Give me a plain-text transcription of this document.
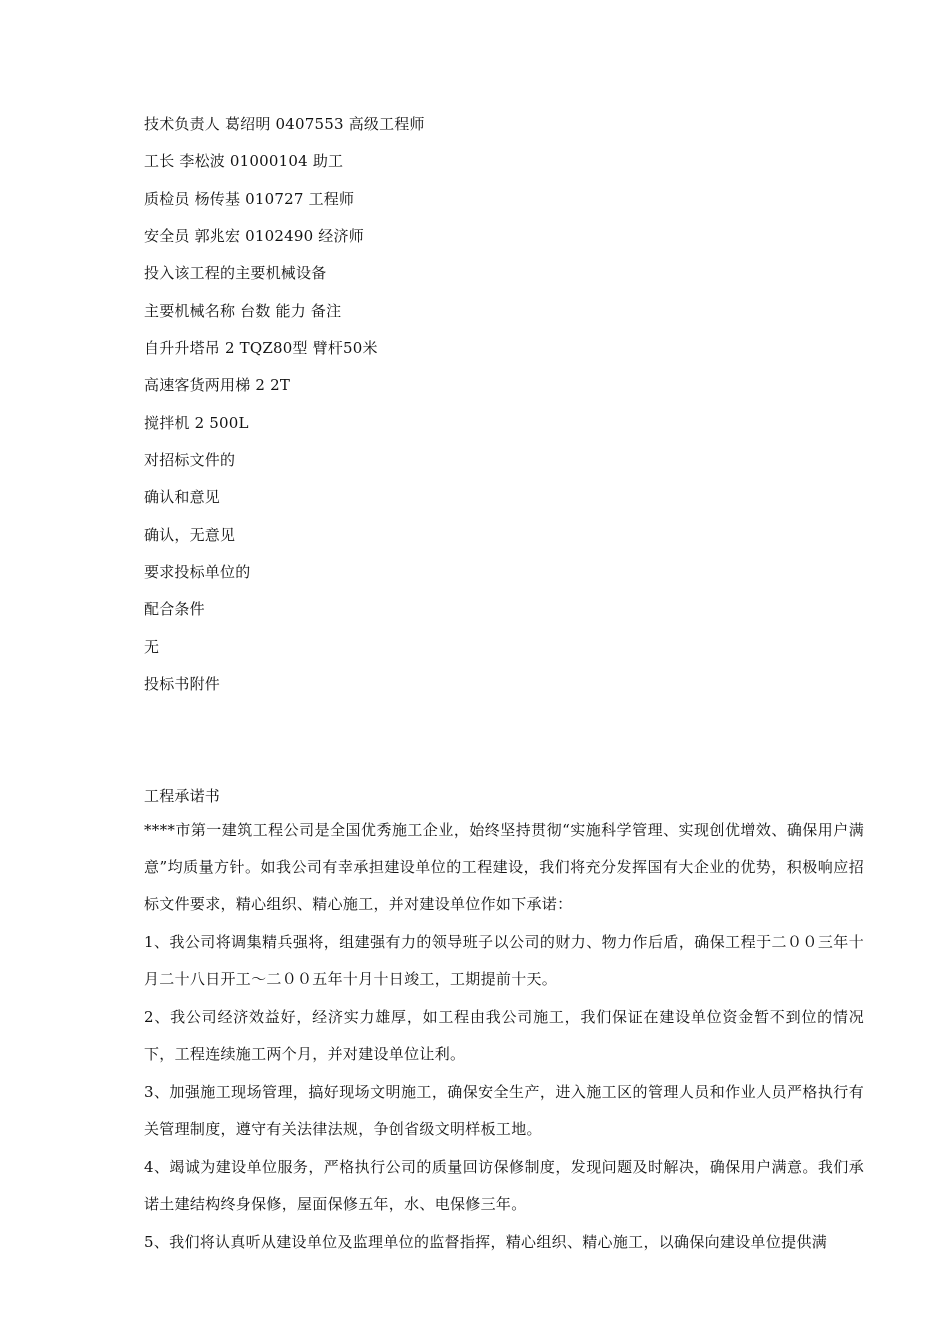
技术负责人 葛绍明 0407553 高级工程师
工长 李松波 01000104 助工
质检员 杨传基 010727 工程师
安全员 郭兆宏 0102490 经济师
投入该工程的主要机械设备
主要机械名称 台数 能力 备注
自升升塔吊 2 TQZ80型 臂杆50米
高速客货两用梯 2 2T
搅拌机 2 500L
对招标文件的
确认和意见
确认，无意见
要求投标单位的
配合条件
无
投标书附件
工程承诺书
****市第一建筑工程公司是全国优秀施工企业，始终坚持贯彻“实施科学管理、实现创优增效、确保用户满意”均质量方针。如我公司有幸承担建设单位的工程建设，我们将充分发挥国有大企业的优势，积极响应招标文件要求，精心组织、精心施工，并对建设单位作如下承诺：
1、我公司将调集精兵强将，组建强有力的领导班子以公司的财力、物力作后盾，确保工程于二００三年十月二十八日开工～二００五年十月十日竣工，工期提前十天。
2、我公司经济效益好，经济实力雄厚，如工程由我公司施工，我们保证在建设单位资金暂不到位的情况下，工程连续施工两个月，并对建设单位让利。
3、加强施工现场管理，搞好现场文明施工，确保安全生产，进入施工区的管理人员和作业人员严格执行有关管理制度，遵守有关法律法规，争创省级文明样板工地。
4、竭诚为建设单位服务，严格执行公司的质量回访保修制度，发现问题及时解决，确保用户满意。我们承诺土建结构终身保修，屋面保修五年，水、电保修三年。
5、我们将认真听从建设单位及监理单位的监督指挥，精心组织、精心施工，以确保向建设单位提供满
